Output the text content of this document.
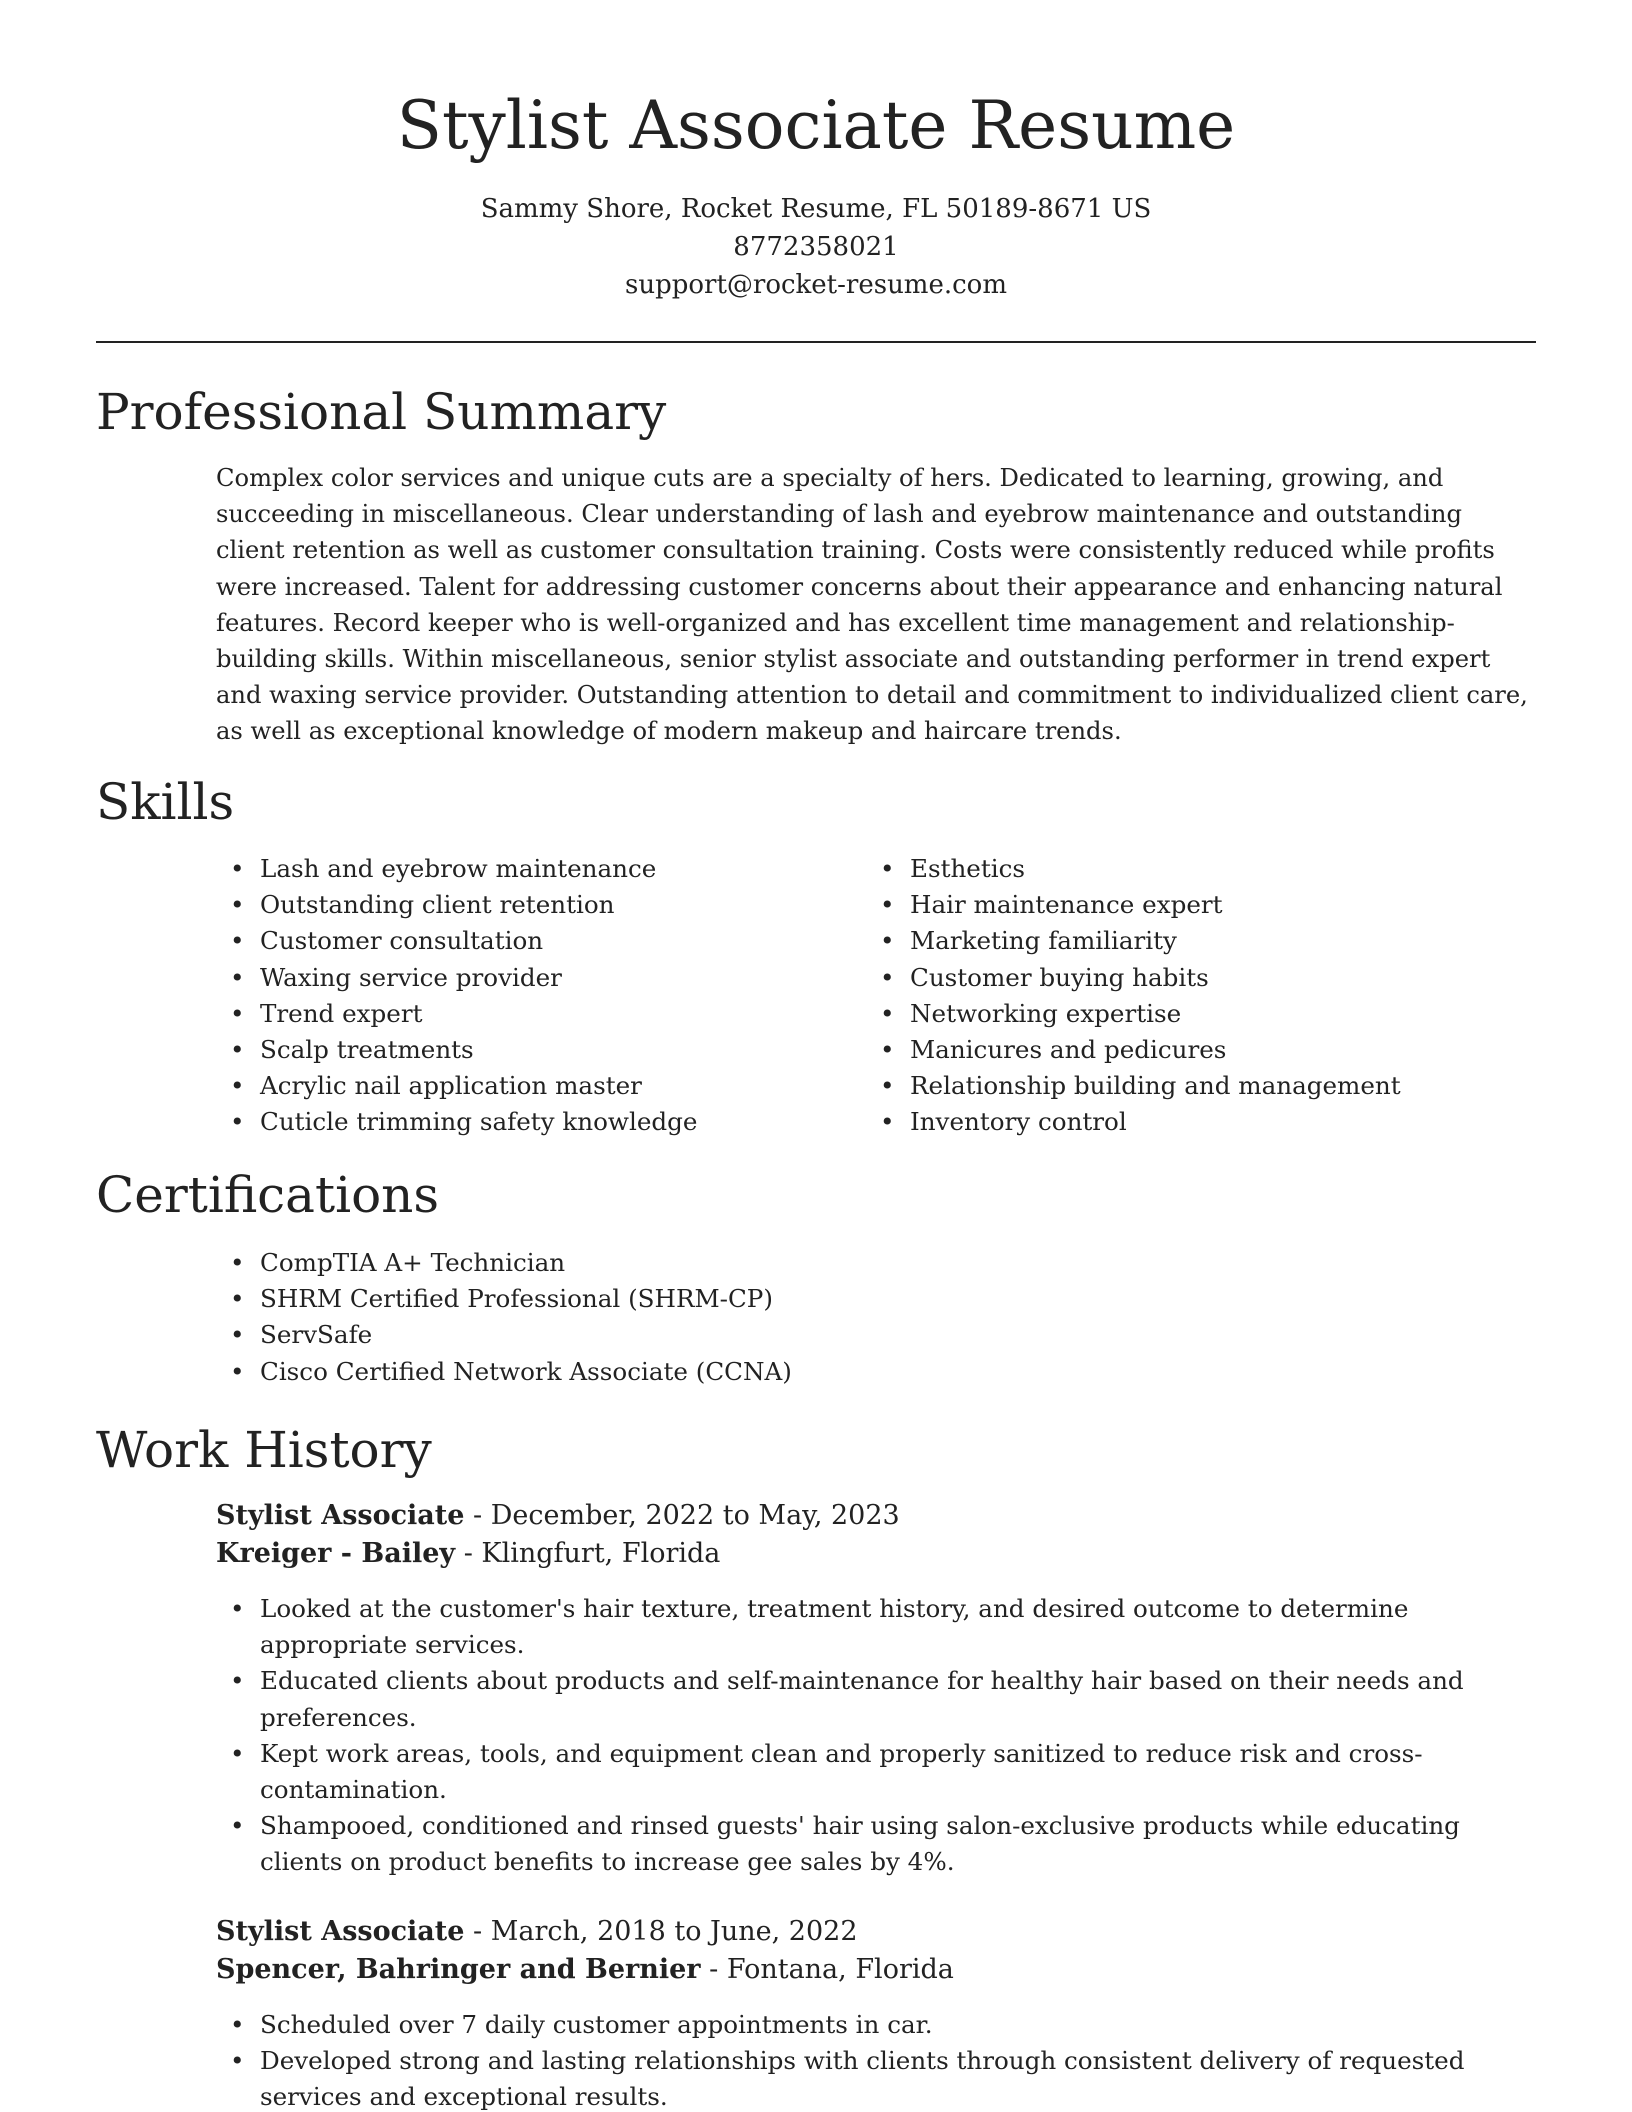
Stylist Associate Resume
Sammy Shore, Rocket Resume, FL 50189-8671 US
8772358021
support@rocket-resume.com
Professional Summary

Complex color services and unique cuts are a specialty of hers. Dedicated to learning, growing, and succeeding in miscellaneous. Clear understanding of lash and eyebrow maintenance and outstanding client retention as well as customer consultation training. Costs were consistently reduced while profits were increased. Talent for addressing customer concerns about their appearance and enhancing natural features. Record keeper who is well-organized and has excellent time management and relationship-building skills. Within miscellaneous, senior stylist associate and outstanding performer in trend expert and waxing service provider. Outstanding attention to detail and commitment to individualized client care, as well as exceptional knowledge of modern makeup and haircare trends.

Skills
• Lash and eyebrow maintenance
• Outstanding client retention
• Customer consultation
• Waxing service provider
• Trend expert
• Scalp treatments
• Acrylic nail application master
• Cuticle trimming safety knowledge
• Esthetics
• Hair maintenance expert
• Marketing familiarity
• Customer buying habits
• Networking expertise
• Manicures and pedicures
• Relationship building and management
• Inventory control
Certifications
• CompTIA A+ Technician
• SHRM Certified Professional (SHRM-CP)
• ServSafe
• Cisco Certified Network Associate (CCNA)
Work History
Stylist Associate - December, 2022 to May, 2023
Kreiger - Bailey - Klingfurt, Florida
• Looked at the customer's hair texture, treatment history, and desired outcome to determine appropriate services.
• Educated clients about products and self-maintenance for healthy hair based on their needs and preferences.
• Kept work areas, tools, and equipment clean and properly sanitized to reduce risk and cross-contamination.
• Shampooed, conditioned and rinsed guests' hair using salon-exclusive products while educating clients on product benefits to increase gee sales by 4%.
Stylist Associate - March, 2018 to June, 2022
Spencer, Bahringer and Bernier - Fontana, Florida
• Scheduled over 7 daily customer appointments in car.
• Developed strong and lasting relationships with clients through consistent delivery of requested services and exceptional results.
